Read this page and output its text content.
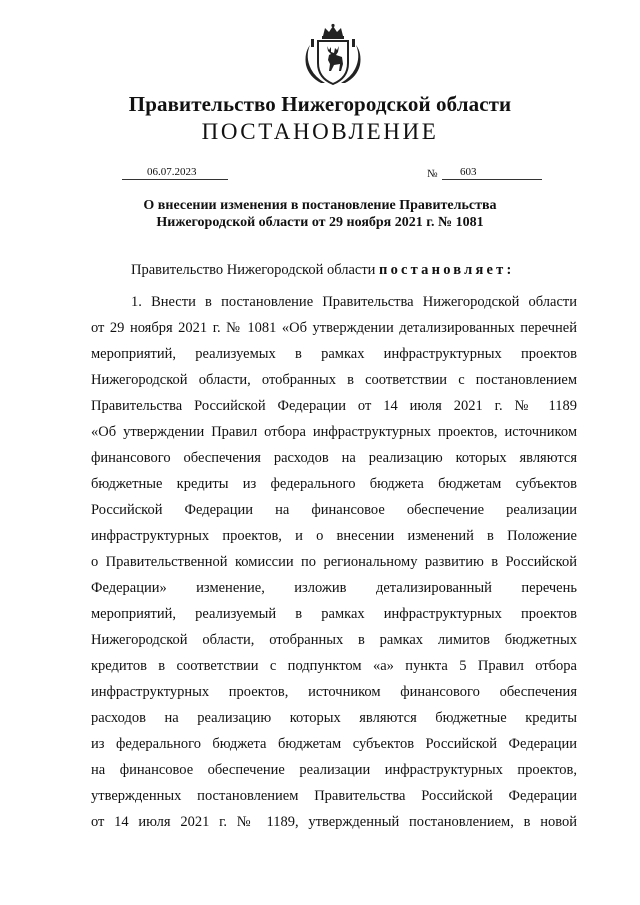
Правительство Нижегородской области
ПОСТАНОВЛЕНИЕ
06.07.2023	№ 603
О внесении изменения в постановление Правительства
Нижегородской области от 29 ноября 2021 г. № 1081
Правительство Нижегородской области постановляет:
1. Внести в постановление Правительства Нижегородской области
от 29 ноября 2021 г. № 1081 «Об утверждении детализированных перечней
мероприятий, реализуемых в рамках инфраструктурных проектов
Нижегородской области, отобранных в соответствии с постановлением
Правительства Российской Федерации от 14 июля 2021 г. № 1189
«Об утверждении Правил отбора инфраструктурных проектов, источником
финансового обеспечения расходов на реализацию которых являются
бюджетные кредиты из федерального бюджета бюджетам субъектов
Российской Федерации на финансовое обеспечение реализации
инфраструктурных проектов, и о внесении изменений в Положение
о Правительственной комиссии по региональному развитию в Российской
Федерации» изменение, изложив детализированный перечень
мероприятий, реализуемый в рамках инфраструктурных проектов
Нижегородской области, отобранных в рамках лимитов бюджетных
кредитов в соответствии с подпунктом «а» пункта 5 Правил отбора
инфраструктурных проектов, источником финансового обеспечения
расходов на реализацию которых являются бюджетные кредиты
из федерального бюджета бюджетам субъектов Российской Федерации
на финансовое обеспечение реализации инфраструктурных проектов,
утвержденных постановлением Правительства Российской Федерации
от 14 июля 2021 г. № 1189, утвержденный постановлением, в новой
